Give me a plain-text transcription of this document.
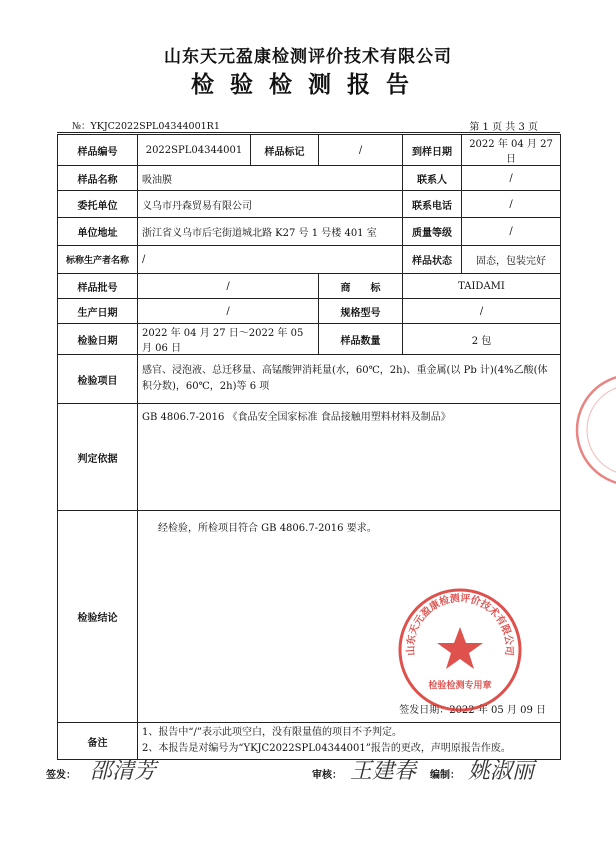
山东天元盈康检测评价技术有限公司
检验检测报告
№：YKJC2022SPL04344001R1	第 1 页 共 3 页
样品编号	2022SPL04344001	样品标记	/	到样日期	2022 年 04 月 27 日
样品名称	吸油膜			联系人	/
委托单位	义乌市丹森贸易有限公司			联系电话	/
单位地址	浙江省义乌市后宅街道城北路 K27 号 1 号楼 401 室			质量等级	/
标称生产者名称	/			样品状态	固态，包装完好
样品批号	/		商　　标	TAIDAMI	
生产日期	/		规格型号	/	
检验日期	2022 年 04 月 27 日～2022 年 05 月 06 日		样品数量	2 包	
检验项目	感官、浸泡液、总迁移量、高锰酸钾消耗量(水，60℃，2h)、重金属(以 Pb 计)(4%乙酸(体积分数)，60℃，2h)等 6 项				
判定依据	GB 4806.7-2016 《食品安全国家标准 食品接触用塑料材料及制品》				
检验结论	经检验，所检项目符合 GB 4806.7-2016 要求。
签发日期：2022 年 05 月 09 日				

备注	1、报告中“/”表示此项空白，没有限量值的项目不予判定。
2、本报告是对编号为“YKJC2022SPL04344001”报告的更改，声明原报告作废。				
山东天元盈康检测评价技术有限公司
检验检测专用章
签发： 邵清芳	审核： 王建春 编制： 姚淑丽
